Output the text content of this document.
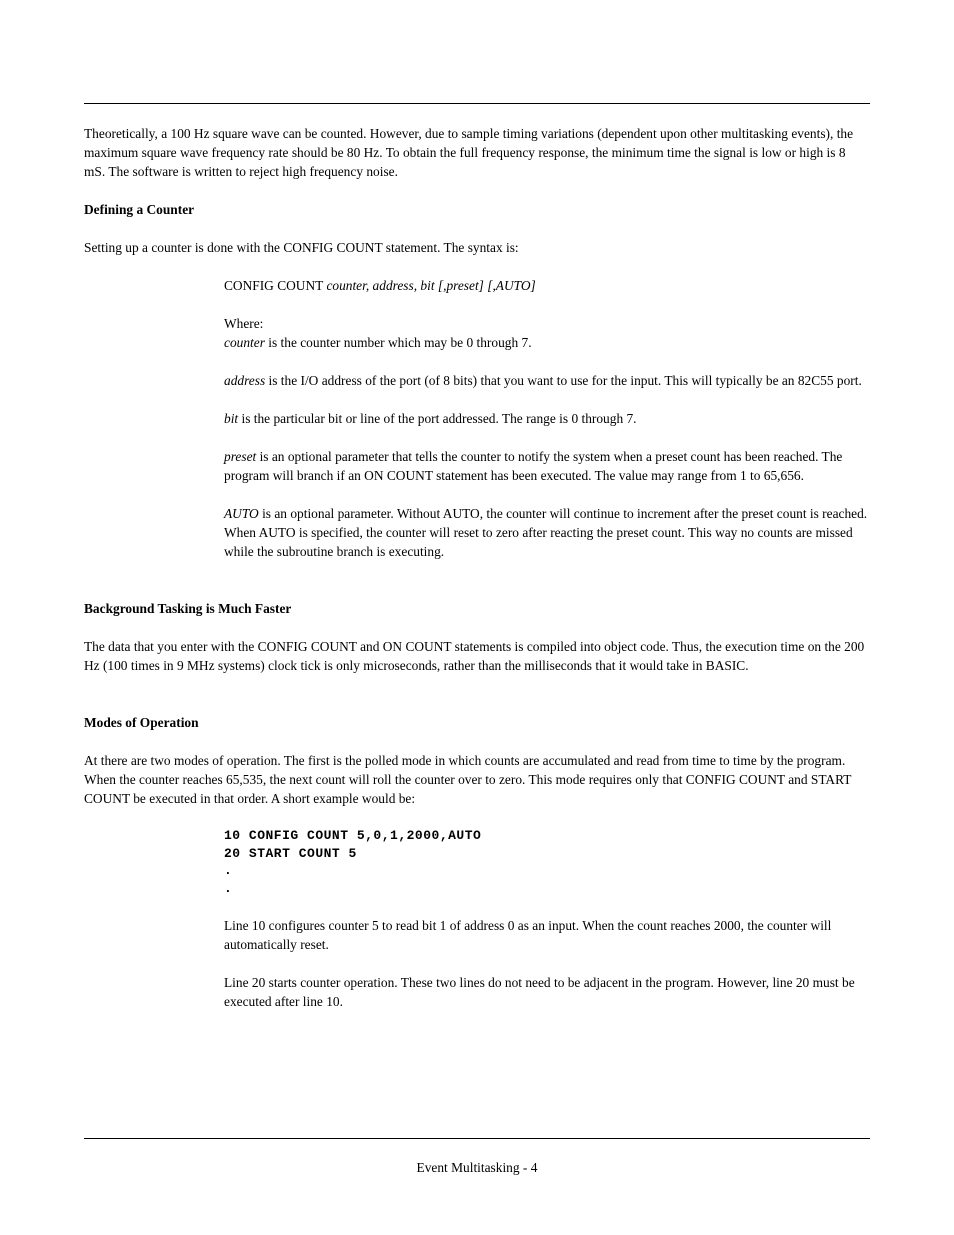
Theoretically, a 100 Hz square wave can be counted. However, due to sample timing variations (dependent upon other multitasking events), the maximum square wave frequency rate should be 80 Hz. To obtain the full frequency response, the minimum time the signal is low or high is 8 mS. The software is written to reject high frequency noise.

Defining a Counter

Setting up a counter is done with the CONFIG COUNT statement. The syntax is:

CONFIG COUNT counter, address, bit [,preset] [,AUTO]

Where:

counter is the counter number which may be 0 through 7.

address is the I/O address of the port (of 8 bits) that you want to use for the input. This will typically be an 82C55 port.

bit is the particular bit or line of the port addressed. The range is 0 through 7.

preset is an optional parameter that tells the counter to notify the system when a preset count has been reached. The program will branch if an ON COUNT statement has been executed. The value may range from 1 to 65,656.

AUTO is an optional parameter. Without AUTO, the counter will continue to increment after the preset count is reached. When AUTO is specified, the counter will reset to zero after reacting the preset count. This way no counts are missed while the subroutine branch is executing.

Background Tasking is Much Faster

The data that you enter with the CONFIG COUNT and ON COUNT statements is compiled into object code. Thus, the execution time on the 200 Hz (100 times in 9 MHz systems) clock tick is only microseconds, rather than the milliseconds that it would take in BASIC.

Modes of Operation

At there are two modes of operation. The first is the polled mode in which counts are accumulated and read from time to time by the program. When the counter reaches 65,535, the next count will roll the counter over to zero. This mode requires only that CONFIG COUNT and START COUNT be executed in that order. A short example would be:

10 CONFIG COUNT 5,0,1,2000,AUTO
20 START COUNT 5
.
.

Line 10 configures counter 5 to read bit 1 of address 0 as an input. When the count reaches 2000, the counter will automatically reset.

Line 20 starts counter operation. These two lines do not need to be adjacent in the program. However, line 20 must be executed after line 10.

Event Multitasking - 4
